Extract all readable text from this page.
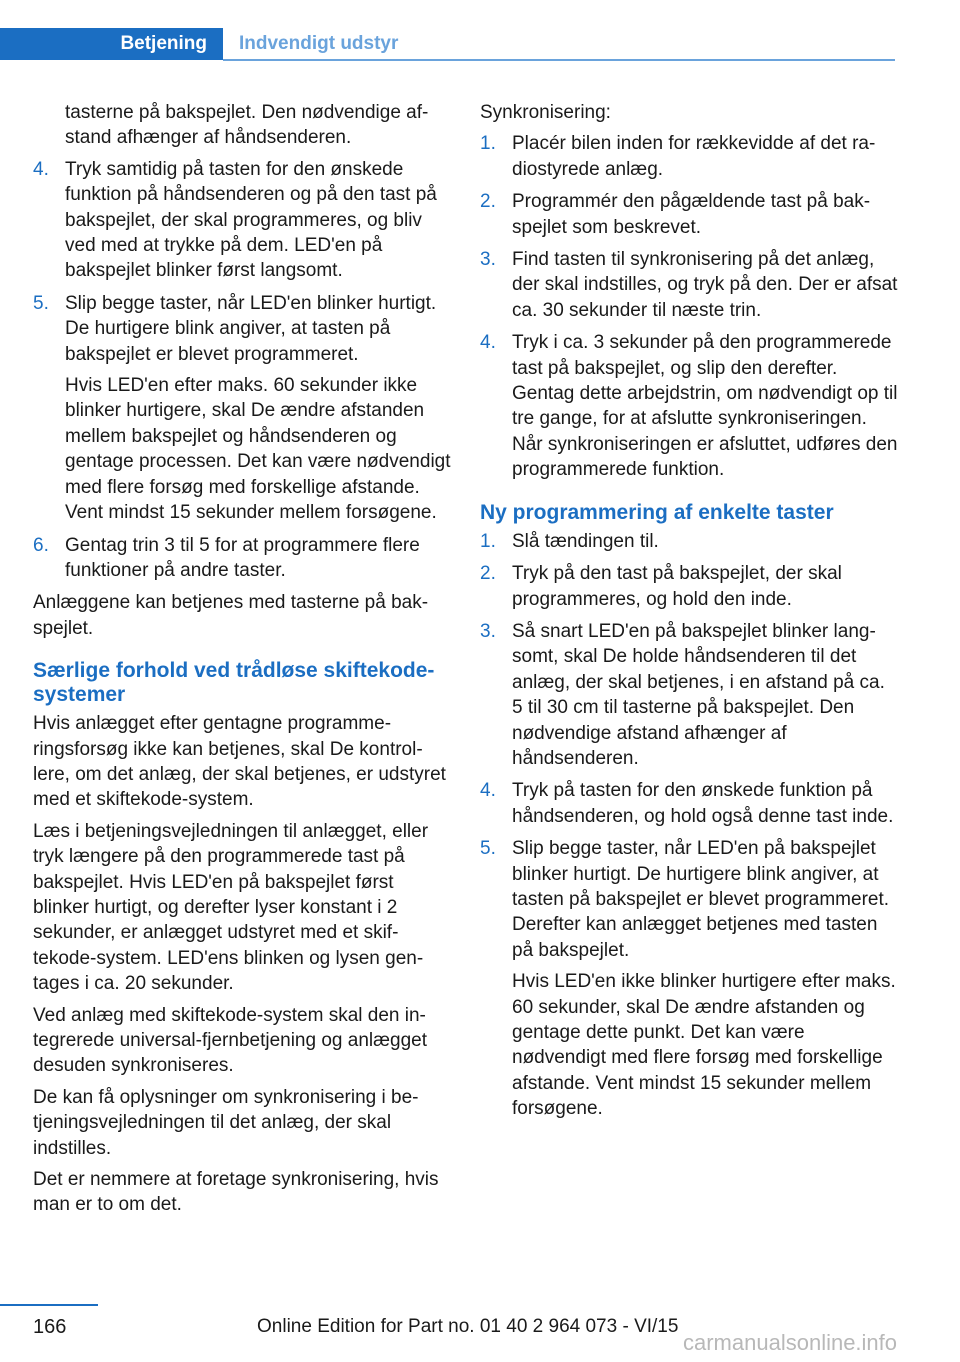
Betjening Indvendigt udstyr

tasterne på bakspejlet. Den nødvendige afstand afhænger af håndsenderen.

4. Tryk samtidig på tasten for den ønskede funktion på håndsenderen og på den tast på bakspejlet, der skal programmeres, og bliv ved med at trykke på dem. LED'en på bakspejlet blinker først langsomt.
5. Slip begge taster, når LED'en blinker hurtigt. De hurtigere blink angiver, at tasten på bakspejlet er blevet programmeret.
Hvis LED'en efter maks. 60 sekunder ikke blinker hurtigere, skal De ændre afstanden mellem bakspejlet og håndsenderen og gentage processen. Det kan være nødvendigt med flere forsøg med forskellige afstande. Vent mindst 15 sekunder mellem forsøgene.
6. Gentag trin 3 til 5 for at programmere flere funktioner på andre taster.

Anlæggene kan betjenes med tasterne på bakspejlet.

Særlige forhold ved trådløse skiftekode-systemer

Hvis anlægget efter gentagne programmeringsforsøg ikke kan betjenes, skal De kontrollere, om det anlæg, der skal betjenes, er udstyret med et skiftekode-system.

Læs i betjeningsvejledningen til anlægget, eller tryk længere på den programmerede tast på bakspejlet. Hvis LED'en på bakspejlet først blinker hurtigt, og derefter lyser konstant i 2 sekunder, er anlægget udstyret med et skiftekode-system. LED'ens blinken og lysen gentages i ca. 20 sekunder.

Ved anlæg med skiftekode-system skal den integrerede universal-fjernbetjening og anlægget desuden synkroniseres.

De kan få oplysninger om synkronisering i betjeningsvejledningen til det anlæg, der skal indstilles.

Det er nemmere at foretage synkronisering, hvis man er to om det.

Synkronisering:

1. Placér bilen inden for rækkevidde af det radiostyrede anlæg.
2. Programmér den pågældende tast på bakspejlet som beskrevet.
3. Find tasten til synkronisering på det anlæg, der skal indstilles, og tryk på den. Der er afsat ca. 30 sekunder til næste trin.
4. Tryk i ca. 3 sekunder på den programmerede tast på bakspejlet, og slip den derefter. Gentag dette arbejdstrin, om nødvendigt op til tre gange, for at afslutte synkroniseringen. Når synkroniseringen er afsluttet, udføres den programmerede funktion.
Ny programmering af enkelte taster
1. Slå tændingen til.
2. Tryk på den tast på bakspejlet, der skal programmeres, og hold den inde.
3. Så snart LED'en på bakspejlet blinker langsomt, skal De holde håndsenderen til det anlæg, der skal betjenes, i en afstand på ca. 5 til 30 cm til tasterne på bakspejlet. Den nødvendige afstand afhænger af håndsenderen.
4. Tryk på tasten for den ønskede funktion på håndsenderen, og hold også denne tast inde.
5. Slip begge taster, når LED'en på bakspejlet blinker hurtigt. De hurtigere blink angiver, at tasten på bakspejlet er blevet programmeret. Derefter kan anlægget betjenes med tasten på bakspejlet.
Hvis LED'en ikke blinker hurtigere efter maks. 60 sekunder, skal De ændre afstanden og gentage dette punkt. Det kan være nødvendigt med flere forsøg med forskellige afstande. Vent mindst 15 sekunder mellem forsøgene.
166	Online Edition for Part no. 01 40 2 964 073 - VI/15
carmanualsonline.info
